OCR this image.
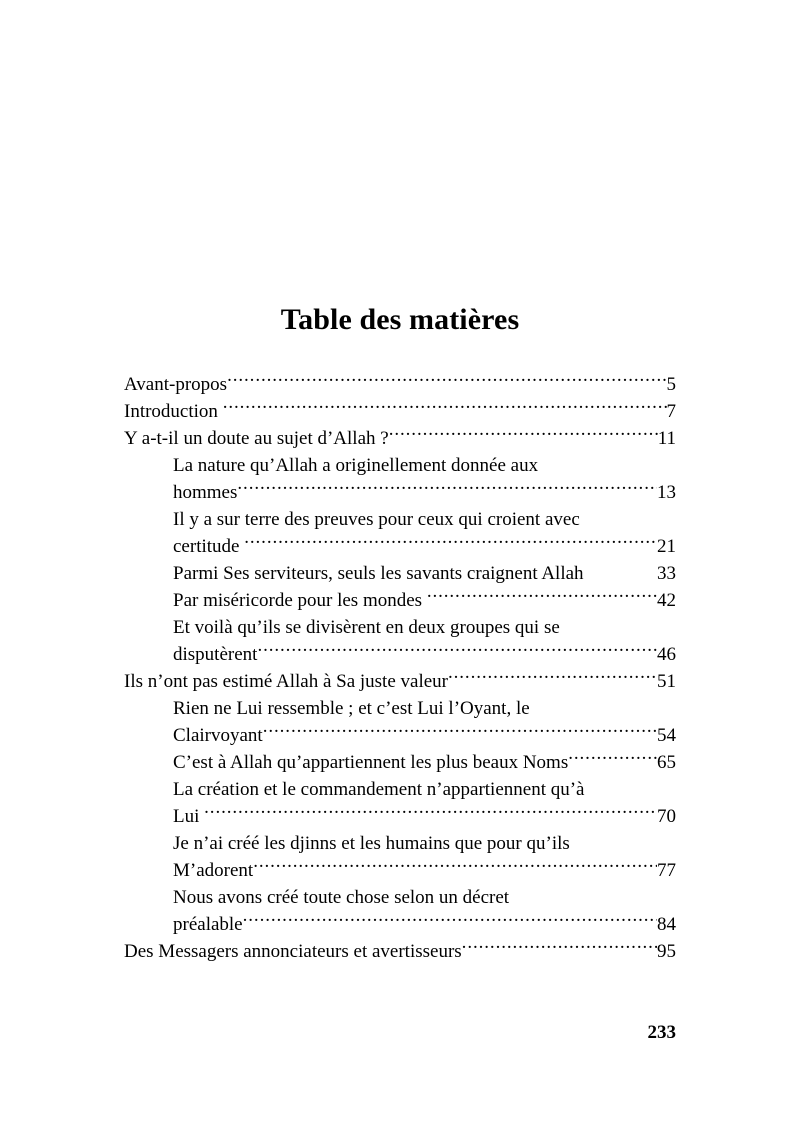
Table des matières
Avant-propos .....	5
Introduction .....	7
Y a-t-il un doute au sujet d’Allah ? .....	11
La nature qu’Allah a originellement donnée aux
hommes .....	13
Il y a sur terre des preuves pour ceux qui croient avec
certitude .....	21
Parmi Ses serviteurs, seuls les savants craignent Allah	33
Par miséricorde pour les mondes .....	42
Et voilà qu’ils se divisèrent en deux groupes qui se
disputèrent .....	46
Ils n’ont pas estimé Allah à Sa juste valeur .....	51
Rien ne Lui ressemble ; et c’est Lui l’Oyant, le
Clairvoyant .....	54
C’est à Allah qu’appartiennent les plus beaux Noms .....	65
La création et le commandement n’appartiennent qu’à
Lui .....	70
Je n’ai créé les djinns et les humains que pour qu’ils
M’adorent .....	77
Nous avons créé toute chose selon un décret
préalable .....	84
Des Messagers annonciateurs et avertisseurs .....	95
233
